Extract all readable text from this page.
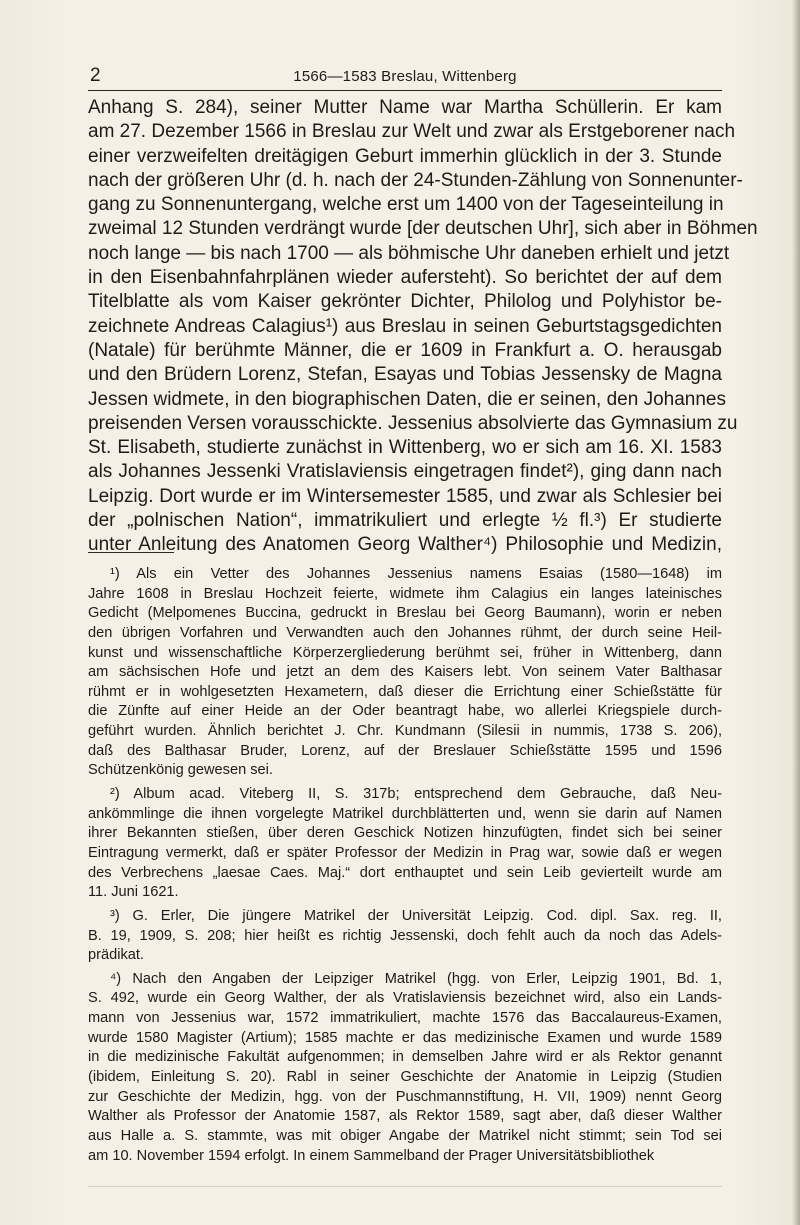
2	1566—1583 Breslau, Wittenberg
Anhang S. 284), seiner Mutter Name war Martha Schüllerin. Er kam
am 27. Dezember 1566 in Breslau zur Welt und zwar als Erstgeborener nach
einer verzweifelten dreitägigen Geburt immerhin glücklich in der 3. Stunde
nach der größeren Uhr (d. h. nach der 24-Stunden-Zählung von Sonnenunter-
gang zu Sonnenuntergang, welche erst um 1400 von der Tageseinteilung in
zweimal 12 Stunden verdrängt wurde [der deutschen Uhr], sich aber in Böhmen
noch lange — bis nach 1700 — als böhmische Uhr daneben erhielt und jetzt
in den Eisenbahnfahrplänen wieder aufersteht). So berichtet der auf dem
Titelblatte als vom Kaiser gekrönter Dichter, Philolog und Polyhistor be-
zeichnete Andreas Calagius¹) aus Breslau in seinen Geburtstagsgedichten
(Natale) für berühmte Männer, die er 1609 in Frankfurt a. O. herausgab
und den Brüdern Lorenz, Stefan, Esayas und Tobias Jessensky de Magna
Jessen widmete, in den biographischen Daten, die er seinen, den Johannes
preisenden Versen vorausschickte. Jessenius absolvierte das Gymnasium zu
St. Elisabeth, studierte zunächst in Wittenberg, wo er sich am 16. XI. 1583
als Johannes Jessenki Vratislaviensis eingetragen findet²), ging dann nach
Leipzig. Dort wurde er im Wintersemester 1585, und zwar als Schlesier bei
der „polnischen Nation“, immatrikuliert und erlegte ½ fl.³) Er studierte
unter Anleitung des Anatomen Georg Walther⁴) Philosophie und Medizin,
¹) Als ein Vetter des Johannes Jessenius namens Esaias (1580—1648) im
Jahre 1608 in Breslau Hochzeit feierte, widmete ihm Calagius ein langes lateinisches
Gedicht (Melpomenes Buccina, gedruckt in Breslau bei Georg Baumann), worin er neben
den übrigen Vorfahren und Verwandten auch den Johannes rühmt, der durch seine Heil-
kunst und wissenschaftliche Körperzergliederung berühmt sei, früher in Wittenberg, dann
am sächsischen Hofe und jetzt an dem des Kaisers lebt. Von seinem Vater Balthasar
rühmt er in wohlgesetzten Hexametern, daß dieser die Errichtung einer Schießstätte für
die Zünfte auf einer Heide an der Oder beantragt habe, wo allerlei Kriegspiele durch-
geführt wurden. Ähnlich berichtet J. Chr. Kundmann (Silesii in nummis, 1738 S. 206),
daß des Balthasar Bruder, Lorenz, auf der Breslauer Schießstätte 1595 und 1596
Schützenkönig gewesen sei.
²) Album acad. Viteberg II, S. 317b; entsprechend dem Gebrauche, daß Neu-
ankömmlinge die ihnen vorgelegte Matrikel durchblätterten und, wenn sie darin auf Namen
ihrer Bekannten stießen, über deren Geschick Notizen hinzufügten, findet sich bei seiner
Eintragung vermerkt, daß er später Professor der Medizin in Prag war, sowie daß er wegen
des Verbrechens „laesae Caes. Maj.“ dort enthauptet und sein Leib gevierteilt wurde am
11. Juni 1621.
³) G. Erler, Die jüngere Matrikel der Universität Leipzig. Cod. dipl. Sax. reg. II,
B. 19, 1909, S. 208; hier heißt es richtig Jessenski, doch fehlt auch da noch das Adels-
prädikat.
⁴) Nach den Angaben der Leipziger Matrikel (hgg. von Erler, Leipzig 1901, Bd. 1,
S. 492, wurde ein Georg Walther, der als Vratislaviensis bezeichnet wird, also ein Lands-
mann von Jessenius war, 1572 immatrikuliert, machte 1576 das Baccalaureus-Examen,
wurde 1580 Magister (Artium); 1585 machte er das medizinische Examen und wurde 1589
in die medizinische Fakultät aufgenommen; in demselben Jahre wird er als Rektor genannt
(ibidem, Einleitung S. 20). Rabl in seiner Geschichte der Anatomie in Leipzig (Studien
zur Geschichte der Medizin, hgg. von der Puschmannstiftung, H. VII, 1909) nennt Georg
Walther als Professor der Anatomie 1587, als Rektor 1589, sagt aber, daß dieser Walther
aus Halle a. S. stammte, was mit obiger Angabe der Matrikel nicht stimmt; sein Tod sei
am 10. November 1594 erfolgt. In einem Sammelband der Prager Universitätsbibliothek
